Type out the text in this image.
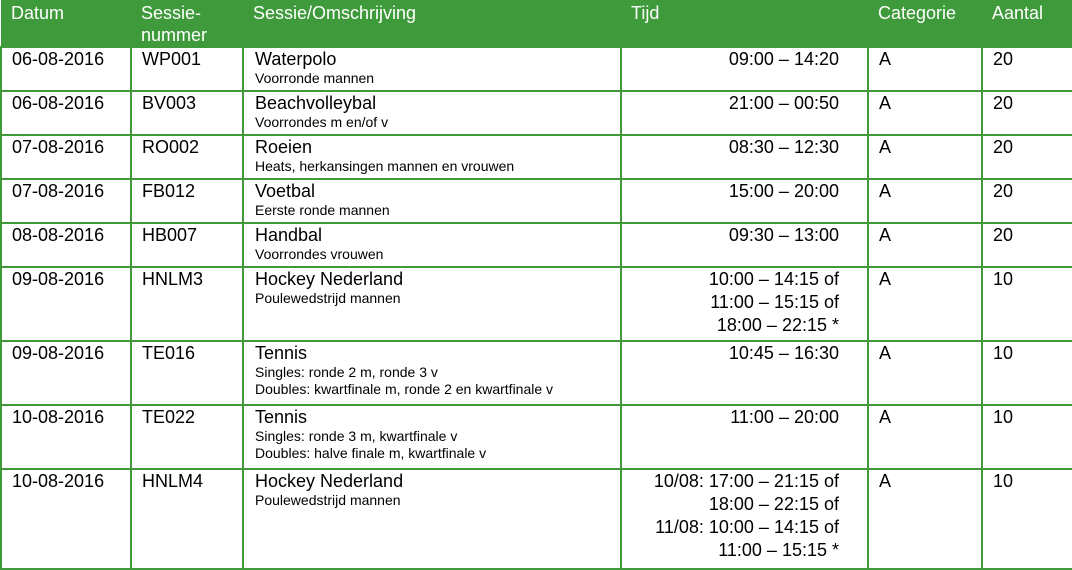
Datum	Sessie-
nummer	Sessie/Omschrijving	Tijd	Categorie	Aantal
06-08-2016	WP001	Waterpolo
Voorronde mannen	09:00 – 14:20	A	20
06-08-2016	BV003	Beachvolleybal
Voorrondes m en/of v	21:00 – 00:50	A	20
07-08-2016	RO002	Roeien
Heats, herkansingen mannen en vrouwen	08:30 – 12:30	A	20
07-08-2016	FB012	Voetbal
Eerste ronde mannen	15:00 – 20:00	A	20
08-08-2016	HB007	Handbal
Voorrondes vrouwen	09:30 – 13:00	A	20
09-08-2016	HNLM3	Hockey Nederland
Poulewedstrijd mannen	10:00 – 14:15 of
11:00 – 15:15 of
18:00 – 22:15 *	A	10
09-08-2016	TE016	Tennis
Singles: ronde 2 m, ronde 3 v
Doubles: kwartfinale m, ronde 2 en kwartfinale v	10:45 – 16:30	A	10
10-08-2016	TE022	Tennis
Singles: ronde 3 m, kwartfinale v
Doubles: halve finale m, kwartfinale v	11:00 – 20:00	A	10
10-08-2016	HNLM4	Hockey Nederland
Poulewedstrijd mannen	10/08: 17:00 – 21:15 of
18:00 – 22:15 of
11/08: 10:00 – 14:15 of
11:00 – 15:15 *	A	10
